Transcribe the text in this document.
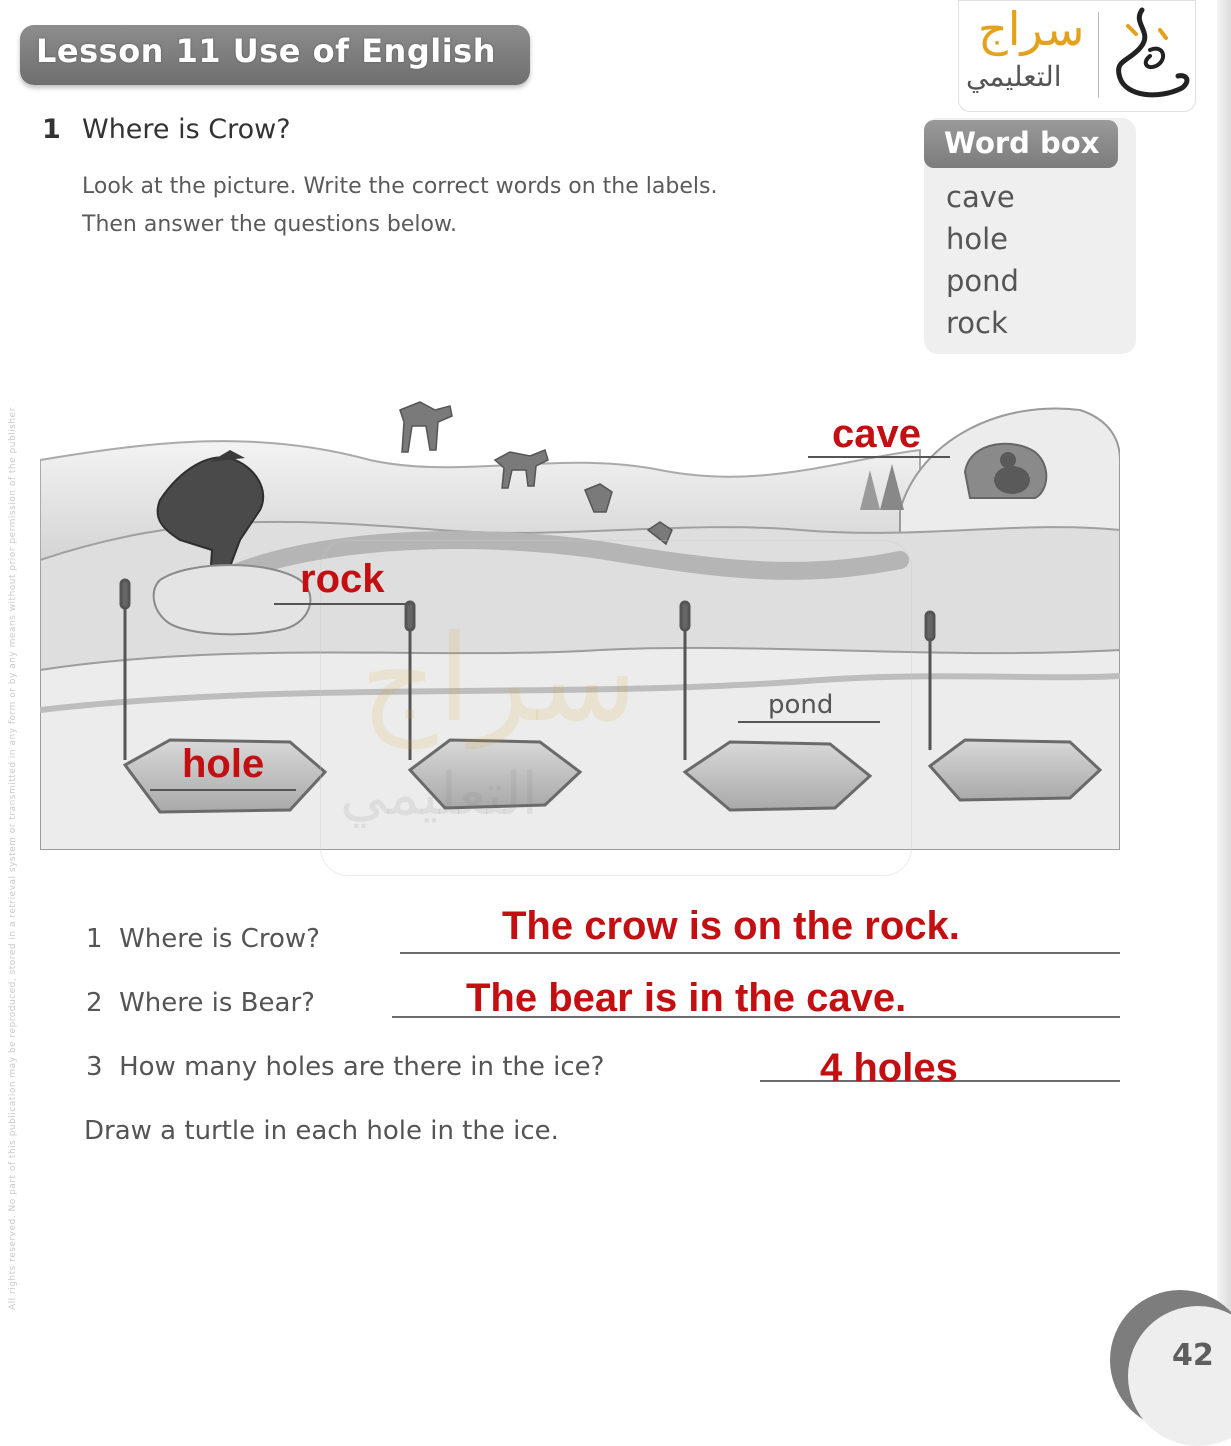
All rights reserved. No part of this publication may be reproduced, stored in a retrieval system or transmitted in any form or by any means without prior permission of the publisher
Lesson 11 Use of English	سراج
التعليمي
1 Where is Crow?
Look at the picture. Write the correct words on the labels.
Then answer the questions below.
Word box
cave
hole
pond
rock
سراج
التعليمي
cave
rock
hole
pond
1 Where is Crow?	The crow is on the rock.
2 Where is Bear?	The bear is in the cave.
3 How many holes are there in the ice?	4 holes
Draw a turtle in each hole in the ice.
42
